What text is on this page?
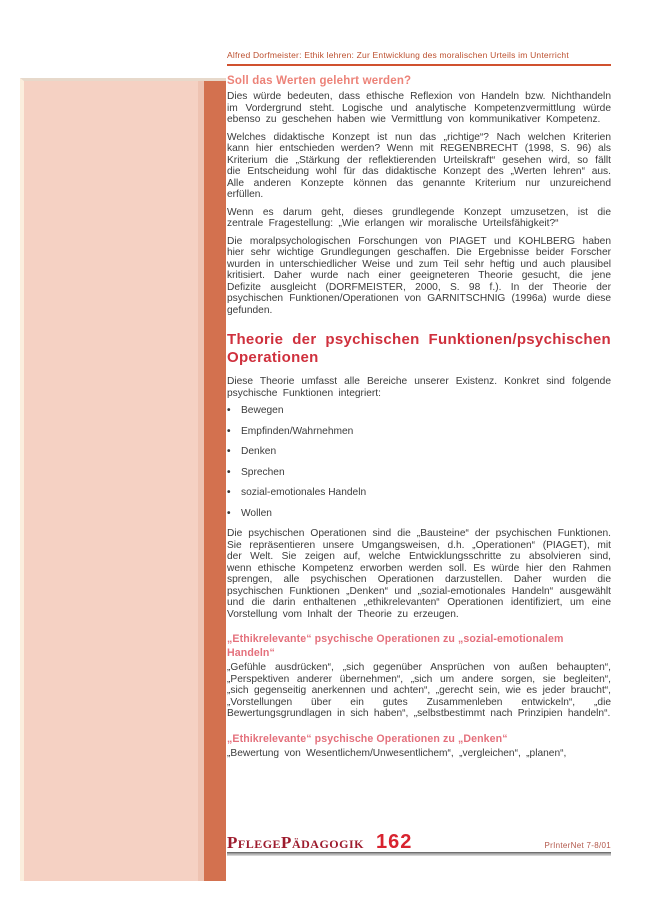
Alfred Dorfmeister: Ethik lehren: Zur Entwicklung des moralischen Urteils im Unterricht
Soll das Werten gelehrt werden?

Dies würde bedeuten, dass ethische Reflexion von Handeln bzw. Nichthandeln im Vordergrund steht. Logische und analytische Kompetenzvermittlung würde ebenso zu geschehen haben wie Vermittlung von kommunikativer Kompetenz.

Welches didaktische Konzept ist nun das „richtige“? Nach welchen Kriterien kann hier entschieden werden? Wenn mit REGENBRECHT (1998, S. 96) als Kriterium die „Stärkung der reflektierenden Urteilskraft“ gesehen wird, so fällt die Entscheidung wohl für das didaktische Konzept des „Werten lehren“ aus. Alle anderen Konzepte können das genannte Kriterium nur unzureichend erfüllen.

Wenn es darum geht, dieses grundlegende Konzept umzusetzen, ist die zentrale Fragestellung: „Wie erlangen wir moralische Urteilsfähigkeit?“

Die moralpsychologischen Forschungen von PIAGET und KOHLBERG haben hier sehr wichtige Grundlegungen geschaffen. Die Ergebnisse beider Forscher wurden in unterschiedlicher Weise und zum Teil sehr heftig und auch plausibel kritisiert. Daher wurde nach einer geeigneteren Theorie gesucht, die jene Defizite ausgleicht (DORFMEISTER, 2000, S. 98 f.). In der Theorie der psychischen Funktionen/Operationen von GARNITSCHNIG (1996a) wurde diese gefunden.

Theorie der psychischen Funktionen/psychischen Operationen

Diese Theorie umfasst alle Bereiche unserer Existenz. Konkret sind folgende psychische Funktionen integriert:

•	Bewegen
•	Empfinden/Wahrnehmen
•	Denken
•	Sprechen
•	sozial-emotionales Handeln
•	Wollen

Die psychischen Operationen sind die „Bausteine“ der psychischen Funktionen. Sie repräsentieren unsere Umgangsweisen, d.h. „Operationen“ (PIAGET), mit der Welt. Sie zeigen auf, welche Entwicklungsschritte zu absolvieren sind, wenn ethische Kompetenz erworben werden soll. Es würde hier den Rahmen sprengen, alle psychischen Operationen darzustellen. Daher wurden die psychischen Funktionen „Denken“ und „sozial-emotionales Handeln“ ausgewählt und die darin enthaltenen „ethikrelevanten“ Operationen identifiziert, um eine Vorstellung vom Inhalt der Theorie zu erzeugen.

„Ethikrelevante“ psychische Operationen zu „sozial-emotionalem Handeln“

„Gefühle ausdrücken“, „sich gegenüber Ansprüchen von außen behaupten“, „Perspektiven anderer übernehmen“, „sich um andere sorgen, sie begleiten“, „sich gegenseitig anerkennen und achten“, „gerecht sein, wie es jeder braucht“, „Vorstellungen über ein gutes Zusammenleben entwickeln“, „die Bewertungsgrundlagen in sich haben“, „selbstbestimmt nach Prinzipien handeln“.

„Ethikrelevante“ psychische Operationen zu „Denken“

„Bewertung von Wesentlichem/Unwesentlichem“, „vergleichen“, „planen“,

PflegePädagogik 162	PrInterNet 7-8/01
